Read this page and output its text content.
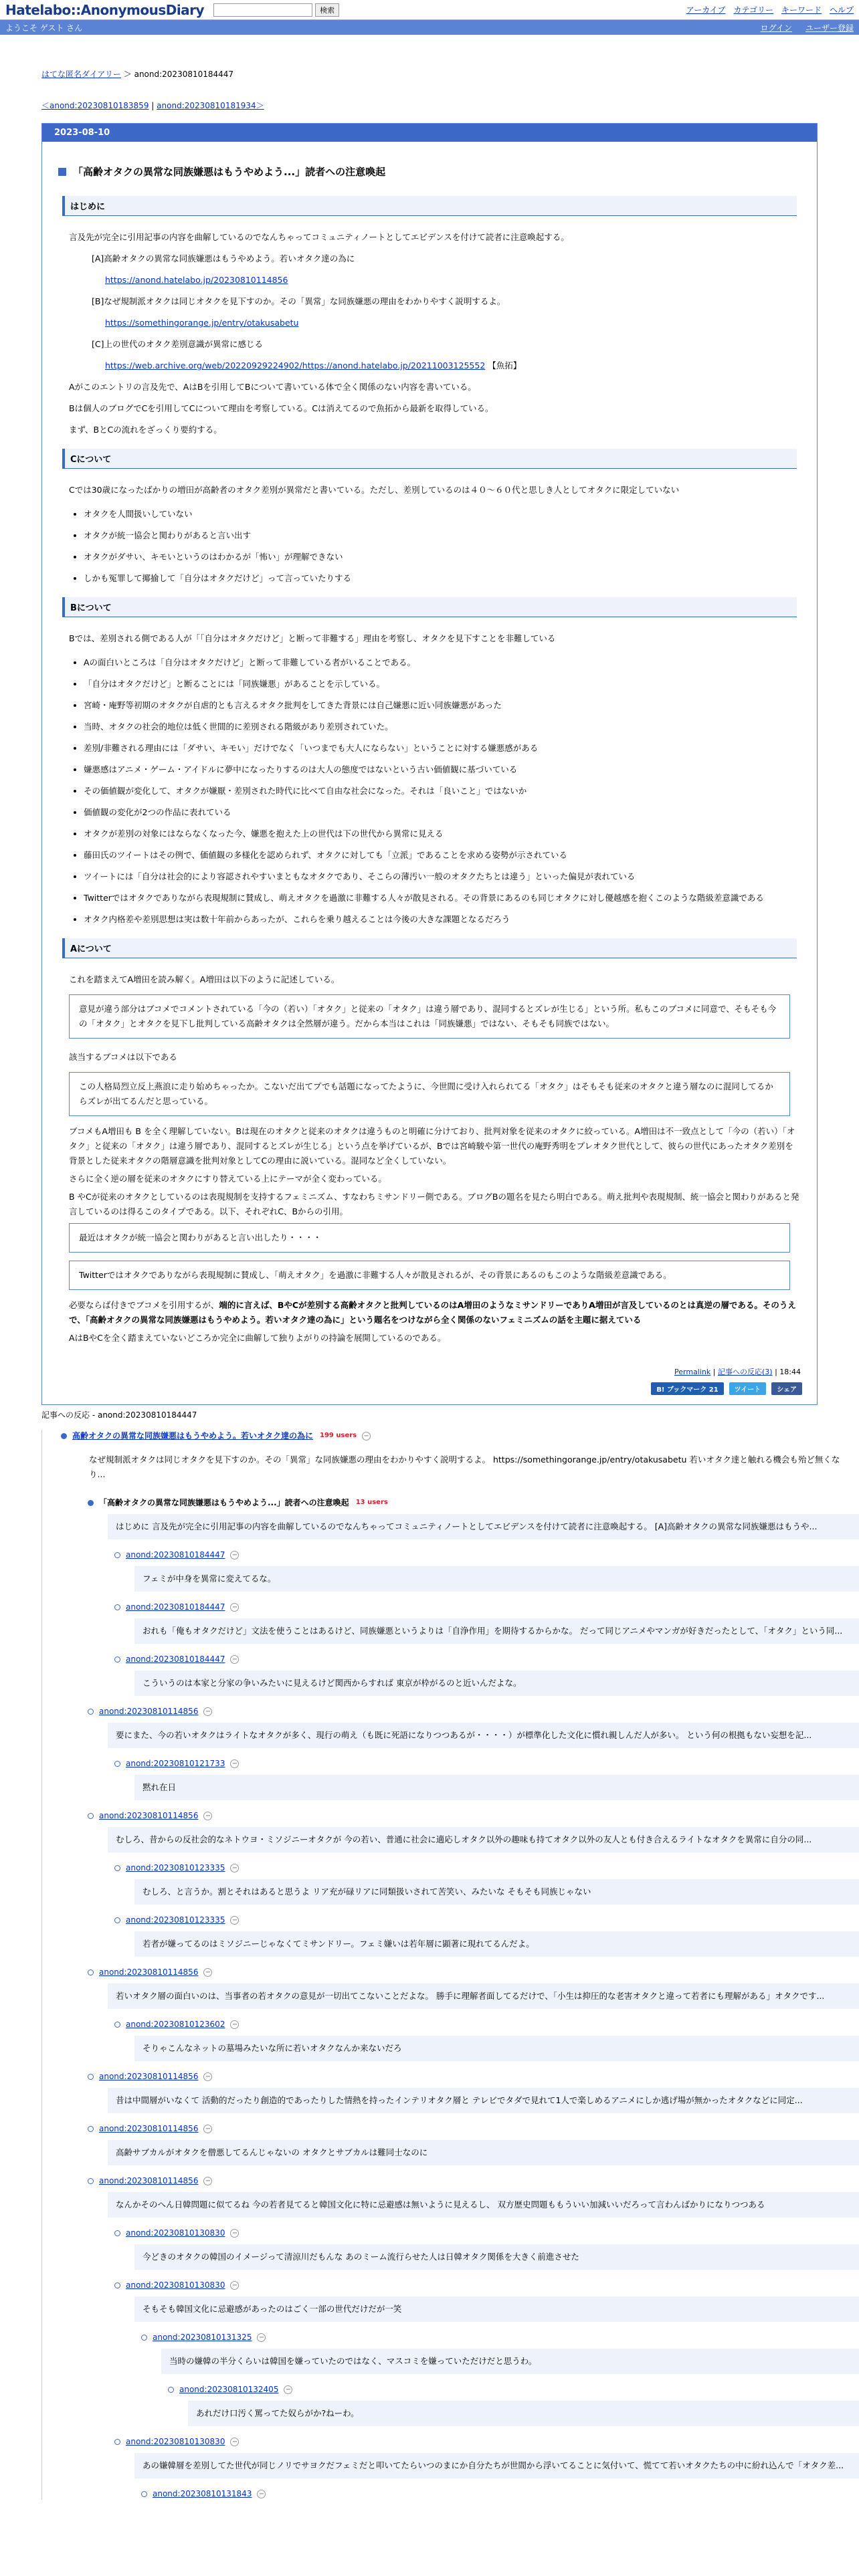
Hatelabo::AnonymousDiary	検索	アーカイブ カテゴリー キーワード ヘルプ
ようこそ ゲスト さん	ログイン ユーザー登録
はてな匿名ダイアリー ＞ anond:20230810184447
＜anond:20230810183859 | anond:20230810181934＞
2023-08-10
「高齢オタクの異常な同族嫌悪はもうやめよう...」読者への注意喚起
はじめに
言及先が完全に引用記事の内容を曲解しているのでなんちゃってコミュニティノートとしてエビデンスを付けて読者に注意喚起する。
[A]高齢オタクの異常な同族嫌悪はもうやめよう。若いオタク達の為に
https://anond.hatelabo.jp/20230810114856
[B]なぜ規制派オタクは同じオタクを見下すのか。その「異常」な同族嫌悪の理由をわかりやすく説明するよ。
https://somethingorange.jp/entry/otakusabetu
[C]上の世代のオタク差別意識が異常に感じる
https://web.archive.org/web/20220929224902/https://anond.hatelabo.jp/20211003125552 【魚拓】
Aがこのエントリの言及先で、AはBを引用してBについて書いている体で全く関係のない内容を書いている。
Bは個人のブログでCを引用してCについて理由を考察している。Cは消えてるので魚拓から最新を取得している。
まず、BとCの流れをざっくり要約する。
Cについて
Cでは30歳になったばかりの増田が高齢者のオタク差別が異常だと書いている。ただし、差別しているのは４０～６０代と思しき人としてオタクに限定していない
• オタクを人間扱いしていない
• オタクが統一協会と関わりがあると言い出す
• オタクがダサい、キモいというのはわかるが「怖い」が理解できない
• しかも冤罪して揶揄して「自分はオタクだけど」って言っていたりする
Bについて
Bでは、差別される側である人が「「自分はオタクだけど」と断って非難する」理由を考察し、オタクを見下すことを非難している
• Aの面白いところは「自分はオタクだけど」と断って非難している者がいることである。
• 「自分はオタクだけど」と断ることには「同族嫌悪」があることを示している。
• 宮崎・庵野等初期のオタクが自虐的とも言えるオタク批判をしてきた背景には自己嫌悪に近い同族嫌悪があった
• 当時、オタクの社会的地位は低く世間的に差別される階級があり差別されていた。
• 差別/非難される理由には「ダサい、キモい」だけでなく「いつまでも大人にならない」ということに対する嫌悪感がある
• 嫌悪感はアニメ・ゲーム・アイドルに夢中になったりするのは大人の態度ではないという古い価値観に基づいている
• その価値観が変化して、オタクが嫌厭・差別された時代に比べて自由な社会になった。それは「良いこと」ではないか
• 価値観の変化が2つの作品に表れている
• オタクが差別の対象にはならなくなった今、嫌悪を抱えた上の世代は下の世代から異常に見える
• 藤田氏のツイートはその例で、価値観の多様化を認められず、オタクに対しても「立派」であることを求める姿勢が示されている
• ツイートには「自分は社会的により容認されやすいまともなオタクであり、そこらの薄汚い一般のオタクたちとは違う」といった偏見が表れている
• Twitterではオタクでありながら表現規制に賛成し、萌えオタクを過激に非難する人々が散見される。その背景にあるのも同じオタクに対し優越感を抱くこのような階級差意識である
• オタク内格差や差別思想は実は数十年前からあったが、これらを乗り越えることは今後の大きな課題となるだろう
Aについて
これを踏まえてA増田を読み解く。A増田は以下のように記述している。
意見が違う部分はブコメでコメントされている「今の（若い）「オタク」と従来の「オタク」は違う層であり、混同するとズレが生じる」という所。私もこのブコメに同意で、そもそも今の「オタク」とオタクを見下し批判している高齢オタクは全然層が違う。だから本当はこれは「同族嫌悪」ではない、そもそも同族ではない。
該当するブコメは以下である
この人格局烈立反上燕浪に走り始めちゃったか。こないだ出てプでも話題になってたように、今世間に受け入れられてる「オタク」はそもそも従来のオタクと違う層なのに混同してるからズレが出てるんだと思っている。
ブコメもA増田も B を全く理解していない。Bは現在のオタクと従来のオタクは違うものと明確に分けており、批判対象を従来のオタクに絞っている。A増田は不一致点として「今の（若い）「オタク」と従来の「オタク」は違う層であり、混同するとズレが生じる」という点を挙げているが、Bでは宮崎駿や第一世代の庵野秀明をプレオタク世代として、彼らの世代にあったオタク差別を背景とした従来オタクの階層意識を批判対象としてCの理由に説いている。混同など全くしていない。
さらに全く逆の層を従来のオタクにすり替えている上にテーマが全く変わっている。
B やCが従来のオタクとしているのは表現規制を支持するフェミニズム、すなわちミサンドリー側である。ブログBの題名を見たら明白である。萌え批判や表現規制、統一協会と関わりがあると発言しているのは得るこのタイプである。以下、それぞれC、Bからの引用。
最近はオタクが統一協会と関わりがあると言い出したり・・・・
Twitterではオタクでありながら表現規制に賛成し、「萌えオタク」を過激に非難する人々が散見されるが、その背景にあるのもこのような階級差意識である。
必要ならば付きでブコメを引用するが、端的に言えば、BやCが差別する高齢オタクと批判しているのはA増田のようなミサンドリーでありA増田が言及しているのとは真逆の層である。そのうえで、「高齢オタクの異常な同族嫌悪はもうやめよう。若いオタク達の為に」という題名をつけながら全く関係のないフェミニズムの話を主題に据えている
AはBやCを全く踏まえていないどころか完全に曲解して独りよがりの持論を展開しているのである。
Permalink | 記事への反応(3) | 18:44
B! ブックマーク 21	ツイート	シェア
記事への反応 - anond:20230810184447
高齢オタクの異常な同族嫌悪はもうやめよう。若いオタク達の為に 199 users −
なぜ規制派オタクは同じオタクを見下すのか。その「異常」な同族嫌悪の理由をわかりやすく説明するよ。 https://somethingorange.jp/entry/otakusabetu 若いオタク達と触れる機会も殆ど無くなり...
「高齢オタクの異常な同族嫌悪はもうやめよう...」読者への注意喚起 13 users
はじめに 言及先が完全に引用記事の内容を曲解しているのでなんちゃってコミュニティノートとしてエビデンスを付けて読者に注意喚起する。 [A]高齢オタクの異常な同族嫌悪はもうや...
anond:20230810184447 −
フェミが中身を異常に変えてるな。
anond:20230810184447 −
おれも「俺もオタクだけど」文法を使うことはあるけど、同族嫌悪というよりは「自浄作用」を期待するからかな。 だって同じアニメやマンガが好きだったとして、「オタク」という同...
anond:20230810184447 −
こういうのは本家と分家の争いみたいに見えるけど関西からすれば 東京が枠がるのと近いんだよな。
anond:20230810114856 −
要にまた、今の若いオタクはライトなオタクが多く、現行の萌え（も既に死語になりつつあるが・・・・）が標準化した文化に慣れ親しんだ人が多い。 という何の根拠もない妄想を記...
anond:20230810121733 −
黙れ在日
anond:20230810114856 −
むしろ、昔からの反社会的なネトウヨ・ミソジニーオタクが 今の若い、普通に社会に適応しオタク以外の趣味も持てオタク以外の友人とも付き合えるライトなオタクを異常に自分の同...
anond:20230810123335 −
むしろ、と言うか。割とそれはあると思うよ リア充が碌リアに同類扱いされて苦笑い、みたいな そもそも同族じゃない
anond:20230810123335 −
若者が嫌ってるのはミソジニーじゃなくてミサンドリー。フェミ嫌いは若年層に顕著に現れてるんだよ。
anond:20230810114856 −
若いオタク層の面白いのは、当事者の若オタクの意見が一切出てこないことだよな。 勝手に理解者面してるだけで、「小生は抑圧的な老害オタクと違って若者にも理解がある」オタクです...
anond:20230810123602 −
そりゃこんなネットの墓場みたいな所に若いオタクなんか来ないだろ
anond:20230810114856 −
昔は中間層がいなくて 活動的だったり創造的であったりした情熱を持ったインテリオタク層と テレビでタダで見れて1人で楽しめるアニメにしか逃げ場が無かったオタクなどに同定...
anond:20230810114856 −
高齢サブカルがオタクを僧悪してるんじゃないの オタクとサブカルは難同士なのに
anond:20230810114856 −
なんかそのへん日韓問題に似てるね 今の若者見てると韓国文化に特に忌避感は無いように見えるし、 双方歴史問題ももういい加減いいだろって言わんばかりになりつつある
anond:20230810130830 −
今どきのオタクの韓国のイメージって清涼川だもんな あのミーム流行らせた人は日韓オタク関係を大きく前進させた
anond:20230810130830 −
そもそも韓国文化に忌避感があったのはごく一部の世代だけだが一笑
anond:20230810131325 −
当時の嫌韓の半分くらいは韓国を嫌っていたのではなく、マスコミを嫌っていただけだと思うわ。
anond:20230810132405 −
あれだけ口汚く罵ってた奴らがか?ねーわ。
anond:20230810130830 −
あの嫌韓層を差別してた世代が同じノリでサヨクだフェミだと叩いてたらいつのまにか自分たちが世間から浮いてることに気付いて、慌てて若いオタクたちの中に紛れ込んで「オタク差...
anond:20230810131843 −
